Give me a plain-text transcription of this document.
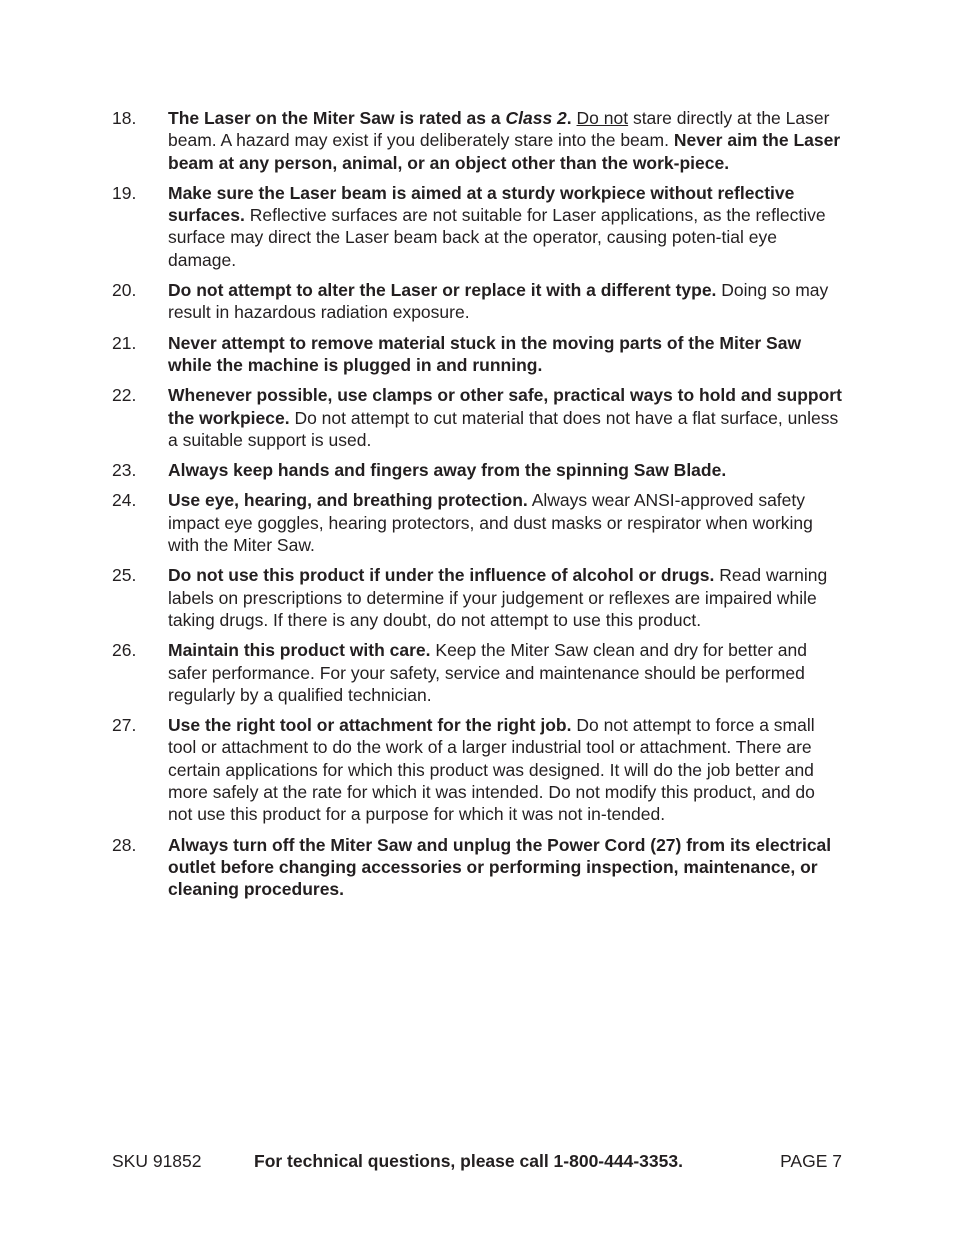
18. The Laser on the Miter Saw is rated as a Class 2. Do not stare directly at the Laser beam. A hazard may exist if you deliberately stare into the beam. Never aim the Laser beam at any person, animal, or an object other than the work-piece.
19. Make sure the Laser beam is aimed at a sturdy workpiece without reflective surfaces. Reflective surfaces are not suitable for Laser applications, as the reflective surface may direct the Laser beam back at the operator, causing poten-tial eye damage.
20. Do not attempt to alter the Laser or replace it with a different type. Doing so may result in hazardous radiation exposure.
21. Never attempt to remove material stuck in the moving parts of the Miter Saw while the machine is plugged in and running.
22. Whenever possible, use clamps or other safe, practical ways to hold and support the workpiece. Do not attempt to cut material that does not have a flat surface, unless a suitable support is used.
23. Always keep hands and fingers away from the spinning Saw Blade.
24. Use eye, hearing, and breathing protection. Always wear ANSI-approved safety impact eye goggles, hearing protectors, and dust masks or respirator when working with the Miter Saw.
25. Do not use this product if under the influence of alcohol or drugs. Read warning labels on prescriptions to determine if your judgement or reflexes are impaired while taking drugs. If there is any doubt, do not attempt to use this product.
26. Maintain this product with care. Keep the Miter Saw clean and dry for better and safer performance. For your safety, service and maintenance should be performed regularly by a qualified technician.
27. Use the right tool or attachment for the right job. Do not attempt to force a small tool or attachment to do the work of a larger industrial tool or attachment. There are certain applications for which this product was designed. It will do the job better and more safely at the rate for which it was intended. Do not modify this product, and do not use this product for a purpose for which it was not in-tended.
28. Always turn off the Miter Saw and unplug the Power Cord (27) from its electrical outlet before changing accessories or performing inspection, maintenance, or cleaning procedures.
SKU 91852	For technical questions, please call 1-800-444-3353.	PAGE 7
